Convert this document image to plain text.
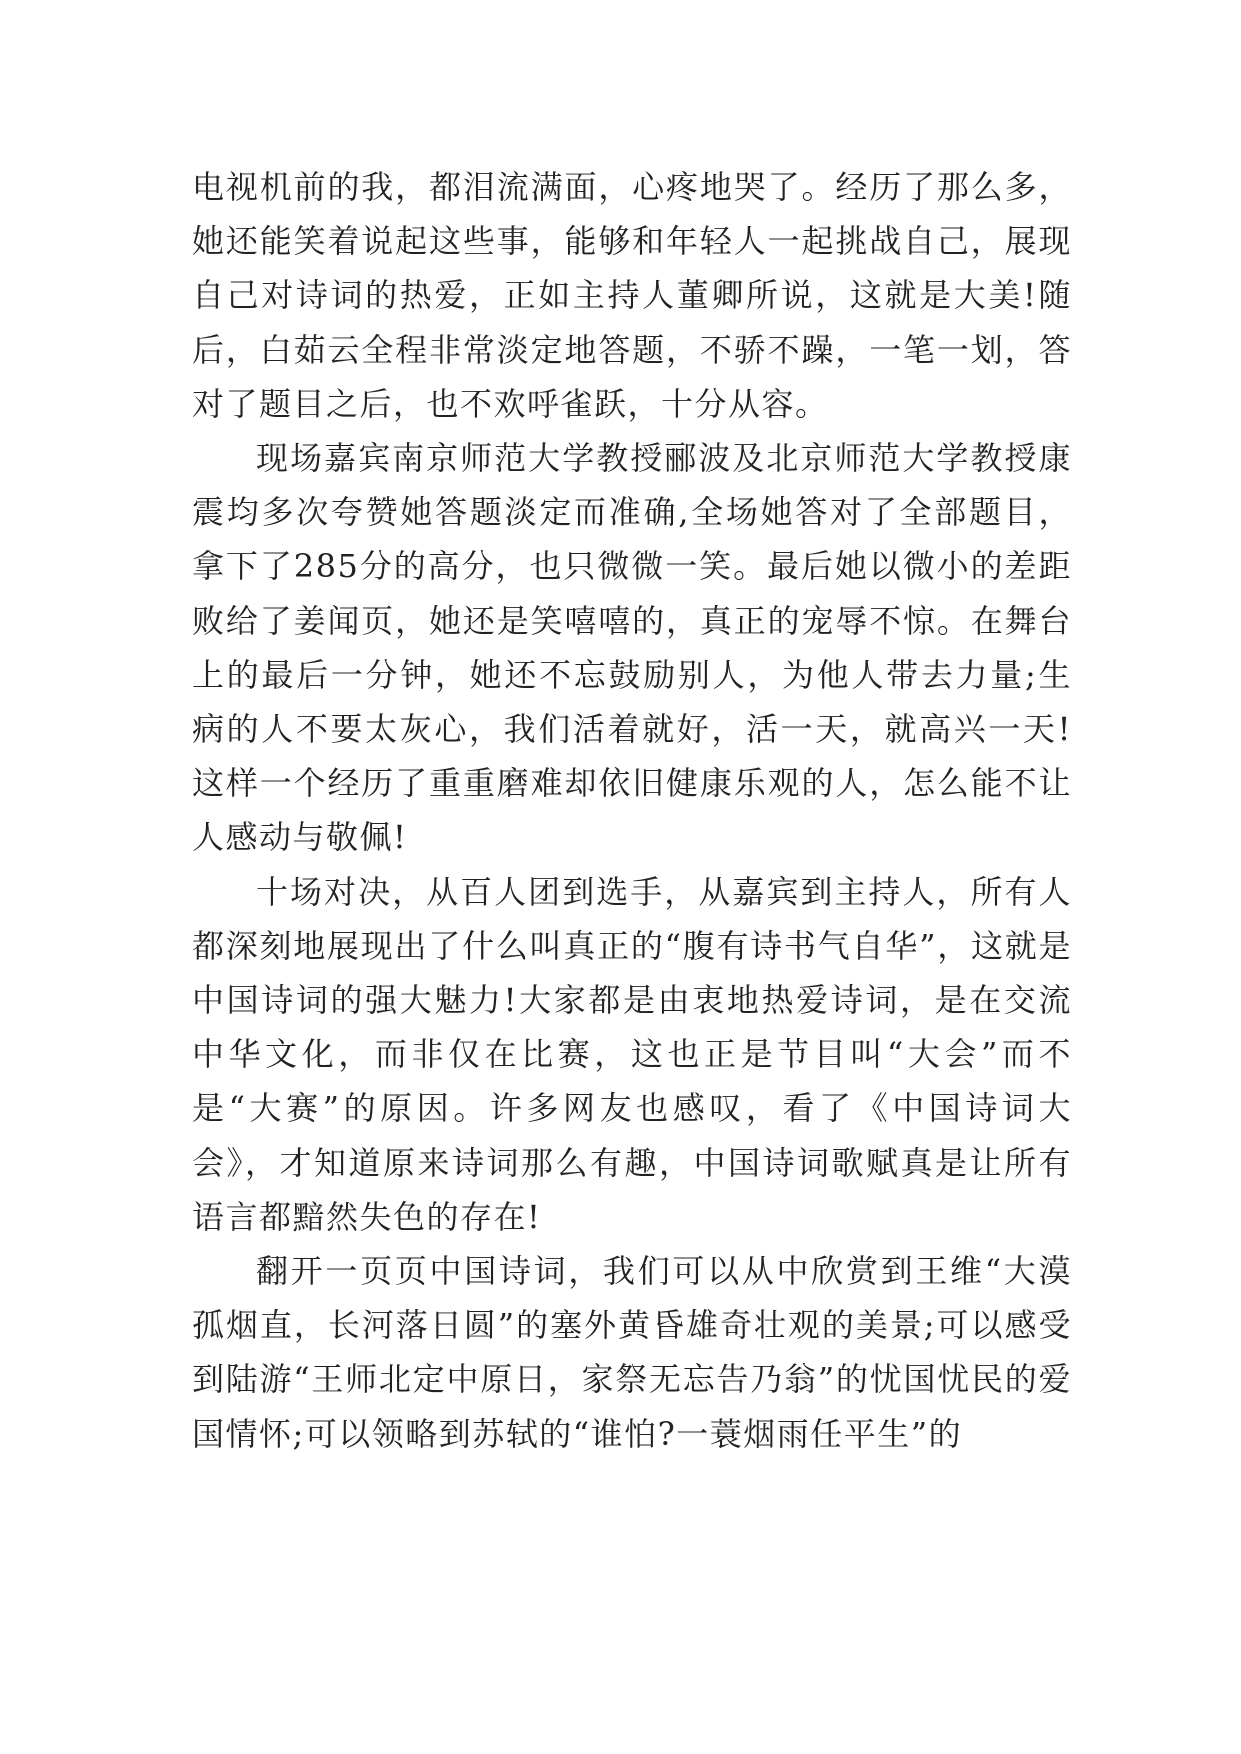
电视机前的我，都泪流满面，心疼地哭了。经历了那么多，她还能笑着说起这些事，能够和年轻人一起挑战自己，展现自己对诗词的热爱，正如主持人董卿所说，这就是大美!随后，白茹云全程非常淡定地答题，不骄不躁，一笔一划，答对了题目之后，也不欢呼雀跃，十分从容。

现场嘉宾南京师范大学教授郦波及北京师范大学教授康震均多次夸赞她答题淡定而准确,全场她答对了全部题目，拿下了285分的高分，也只微微一笑。最后她以微小的差距败给了姜闻页，她还是笑嘻嘻的，真正的宠辱不惊。在舞台上的最后一分钟，她还不忘鼓励别人，为他人带去力量;生病的人不要太灰心，我们活着就好，活一天，就高兴一天!这样一个经历了重重磨难却依旧健康乐观的人，怎么能不让人感动与敬佩!

十场对决，从百人团到选手，从嘉宾到主持人，所有人都深刻地展现出了什么叫真正的“腹有诗书气自华”，这就是中国诗词的强大魅力!大家都是由衷地热爱诗词，是在交流中华文化，而非仅在比赛，这也正是节目叫“大会”而不是“大赛”的原因。许多网友也感叹，看了《中国诗词大会》，才知道原来诗词那么有趣，中国诗词歌赋真是让所有语言都黯然失色的存在!

翻开一页页中国诗词，我们可以从中欣赏到王维“大漠孤烟直，长河落日圆”的塞外黄昏雄奇壮观的美景;可以感受到陆游“王师北定中原日，家祭无忘告乃翁”的忧国忧民的爱国情怀;可以领略到苏轼的“谁怕?一蓑烟雨任平生”的
